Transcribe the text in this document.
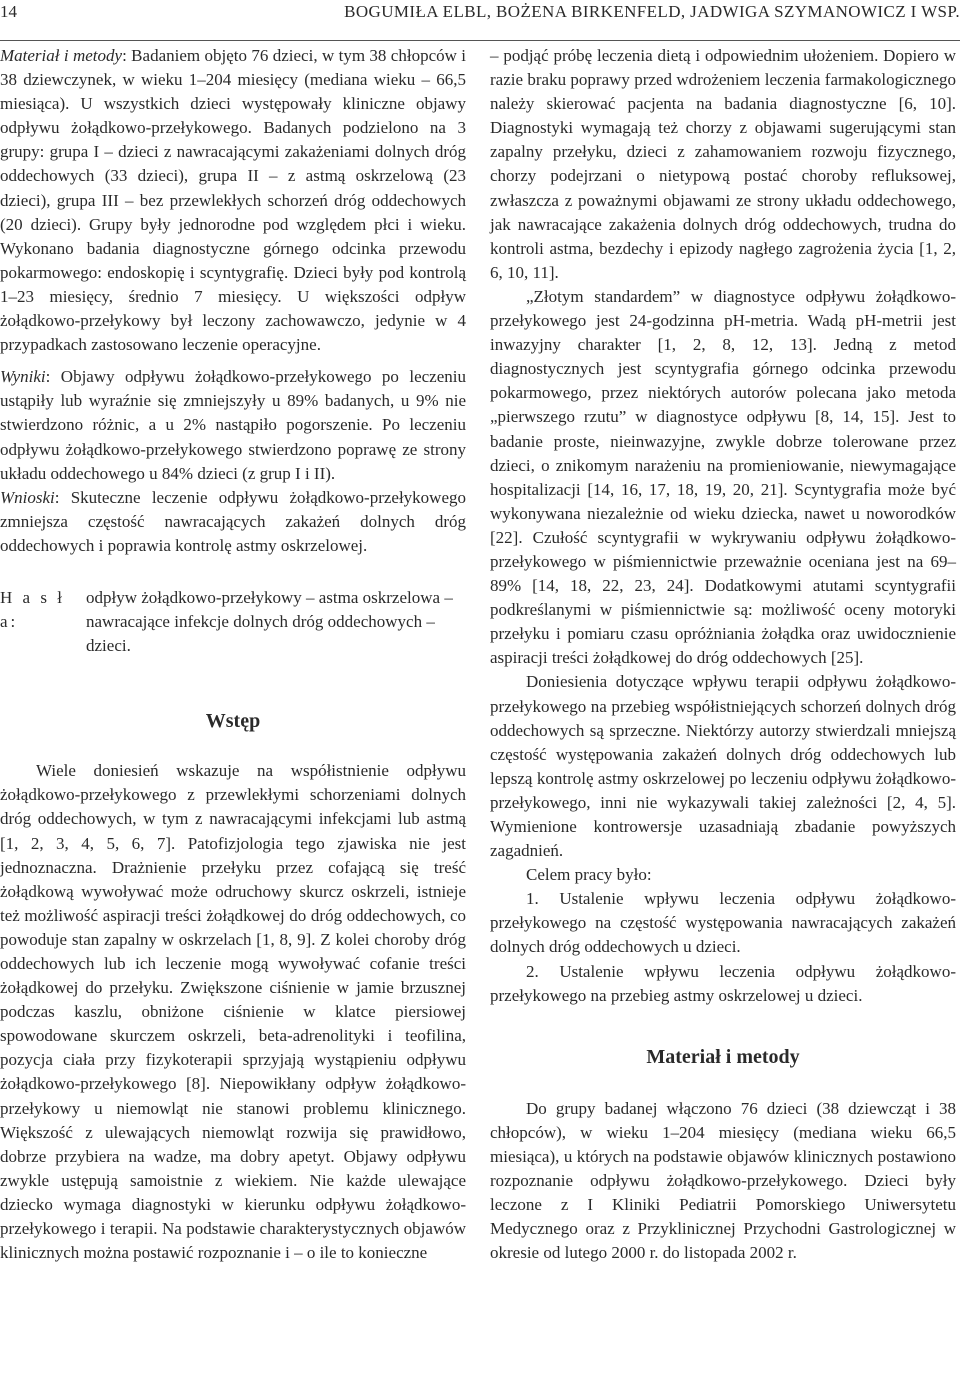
14	BOGUMIŁA ELBL, BOŻENA BIRKENFELD, JADWIGA SZYMANOWICZ I WSP.

Materiał i metody: Badaniem objęto 76 dzieci, w tym 38 chłopców i 38 dziewczynek, w wieku 1–204 miesięcy (mediana wieku – 66,5 miesiąca). U wszystkich dzieci występowały kliniczne objawy odpływu żołądkowo-przełykowego. Badanych podzielono na 3 grupy: grupa I – dzieci z nawracającymi zakażeniami dolnych dróg oddechowych (33 dzieci), grupa II – z astmą oskrzelową (23 dzieci), grupa III – bez przewlekłych schorzeń dróg oddechowych (20 dzieci). Grupy były jednorodne pod względem płci i wieku. Wykonano badania diagnostyczne górnego odcinka przewodu pokarmowego: endoskopię i scyntygrafię. Dzieci były pod kontrolą 1–23 miesięcy, średnio 7 miesięcy. U większości odpływ żołądkowo-przełykowy był leczony zachowawczo, jedynie w 4 przypadkach zastosowano leczenie operacyjne.

Wyniki: Objawy odpływu żołądkowo-przełykowego po leczeniu ustąpiły lub wyraźnie się zmniejszyły u 89% badanych, u 9% nie stwierdzono różnic, a u 2% nastąpiło pogorszenie. Po leczeniu odpływu żołądkowo-przełykowego stwierdzono poprawę ze strony układu oddechowego u 84% dzieci (z grup I i II).

Wnioski: Skuteczne leczenie odpływu żołądkowo-przełykowego zmniejsza częstość nawracających zakażeń dolnych dróg oddechowych i poprawia kontrolę astmy oskrzelowej.

H a s ł a:
odpływ żołądkowo-przełykowy – astma oskrzelowa – nawracające infekcje dolnych dróg oddechowych – dzieci.
Wstęp

Wiele doniesień wskazuje na współistnienie odpływu żołądkowo-przełykowego z przewlekłymi schorzeniami dolnych dróg oddechowych, w tym z nawracającymi infekcjami lub astmą [1, 2, 3, 4, 5, 6, 7]. Patofizjologia tego zjawiska nie jest jednoznaczna. Drażnienie przełyku przez cofającą się treść żołądkową wywoływać może odruchowy skurcz oskrzeli, istnieje też możliwość aspiracji treści żołądkowej do dróg oddechowych, co powoduje stan zapalny w oskrzelach [1, 8, 9]. Z kolei choroby dróg oddechowych lub ich leczenie mogą wywoływać cofanie treści żołądkowej do przełyku. Zwiększone ciśnienie w jamie brzusznej podczas kaszlu, obniżone ciśnienie w klatce piersiowej spowodowane skurczem oskrzeli, beta-adrenolityki i teofilina, pozycja ciała przy fizykoterapii sprzyjają wystąpieniu odpływu żołądkowo-przełykowego [8]. Niepowikłany odpływ żołądkowo-przełykowy u niemowląt nie stanowi problemu klinicznego. Większość z ulewających niemowląt rozwija się prawidłowo, dobrze przybiera na wadze, ma dobry apetyt. Objawy odpływu zwykle ustępują samoistnie z wiekiem. Nie każde ulewające dziecko wymaga diagnostyki w kierunku odpływu żołądkowo-przełykowego i terapii. Na podstawie charakterystycznych objawów klinicznych można postawić rozpoznanie i – o ile to konieczne

– podjąć próbę leczenia dietą i odpowiednim ułożeniem. Dopiero w razie braku poprawy przed wdrożeniem leczenia farmakologicznego należy skierować pacjenta na badania diagnostyczne [6, 10]. Diagnostyki wymagają też chorzy z objawami sugerującymi stan zapalny przełyku, dzieci z zahamowaniem rozwoju fizycznego, chorzy podejrzani o nietypową postać choroby refluksowej, zwłaszcza z poważnymi objawami ze strony układu oddechowego, jak nawracające zakażenia dolnych dróg oddechowych, trudna do kontroli astma, bezdechy i epizody nagłego zagrożenia życia [1, 2, 6, 10, 11].

„Złotym standardem” w diagnostyce odpływu żołądkowo-przełykowego jest 24-godzinna pH-metria. Wadą pH-metrii jest inwazyjny charakter [1, 2, 8, 12, 13]. Jedną z metod diagnostycznych jest scyntygrafia górnego odcinka przewodu pokarmowego, przez niektórych autorów polecana jako metoda „pierwszego rzutu” w diagnostyce odpływu [8, 14, 15]. Jest to badanie proste, nieinwazyjne, zwykle dobrze tolerowane przez dzieci, o znikomym narażeniu na promieniowanie, niewymagające hospitalizacji [14, 16, 17, 18, 19, 20, 21]. Scyntygrafia może być wykonywana niezależnie od wieku dziecka, nawet u noworodków [22]. Czułość scyntygrafii w wykrywaniu odpływu żołądkowo-przełykowego w piśmiennictwie przeważnie oceniana jest na 69–89% [14, 18, 22, 23, 24]. Dodatkowymi atutami scyntygrafii podkreślanymi w piśmiennictwie są: możliwość oceny motoryki przełyku i pomiaru czasu opróżniania żołądka oraz uwidocznienie aspiracji treści żołądkowej do dróg oddechowych [25].

Doniesienia dotyczące wpływu terapii odpływu żołądkowo-przełykowego na przebieg współistniejących schorzeń dolnych dróg oddechowych są sprzeczne. Niektórzy autorzy stwierdzali mniejszą częstość występowania zakażeń dolnych dróg oddechowych lub lepszą kontrolę astmy oskrzelowej po leczeniu odpływu żołądkowo-przełykowego, inni nie wykazywali takiej zależności [2, 4, 5]. Wymienione kontrowersje uzasadniają zbadanie powyższych zagadnień.

Celem pracy było:

1. Ustalenie wpływu leczenia odpływu żołądkowo-przełykowego na częstość występowania nawracających zakażeń dolnych dróg oddechowych u dzieci.

2. Ustalenie wpływu leczenia odpływu żołądkowo-przełykowego na przebieg astmy oskrzelowej u dzieci.

Materiał i metody

Do grupy badanej włączono 76 dzieci (38 dziewcząt i 38 chłopców), w wieku 1–204 miesięcy (mediana wieku 66,5 miesiąca), u których na podstawie objawów klinicznych postawiono rozpoznanie odpływu żołądkowo-przełykowego. Dzieci były leczone z I Kliniki Pediatrii Pomorskiego Uniwersytetu Medycznego oraz z Przyklinicznej Przychodni Gastrologicznej w okresie od lutego 2000 r. do listopada 2002 r.
